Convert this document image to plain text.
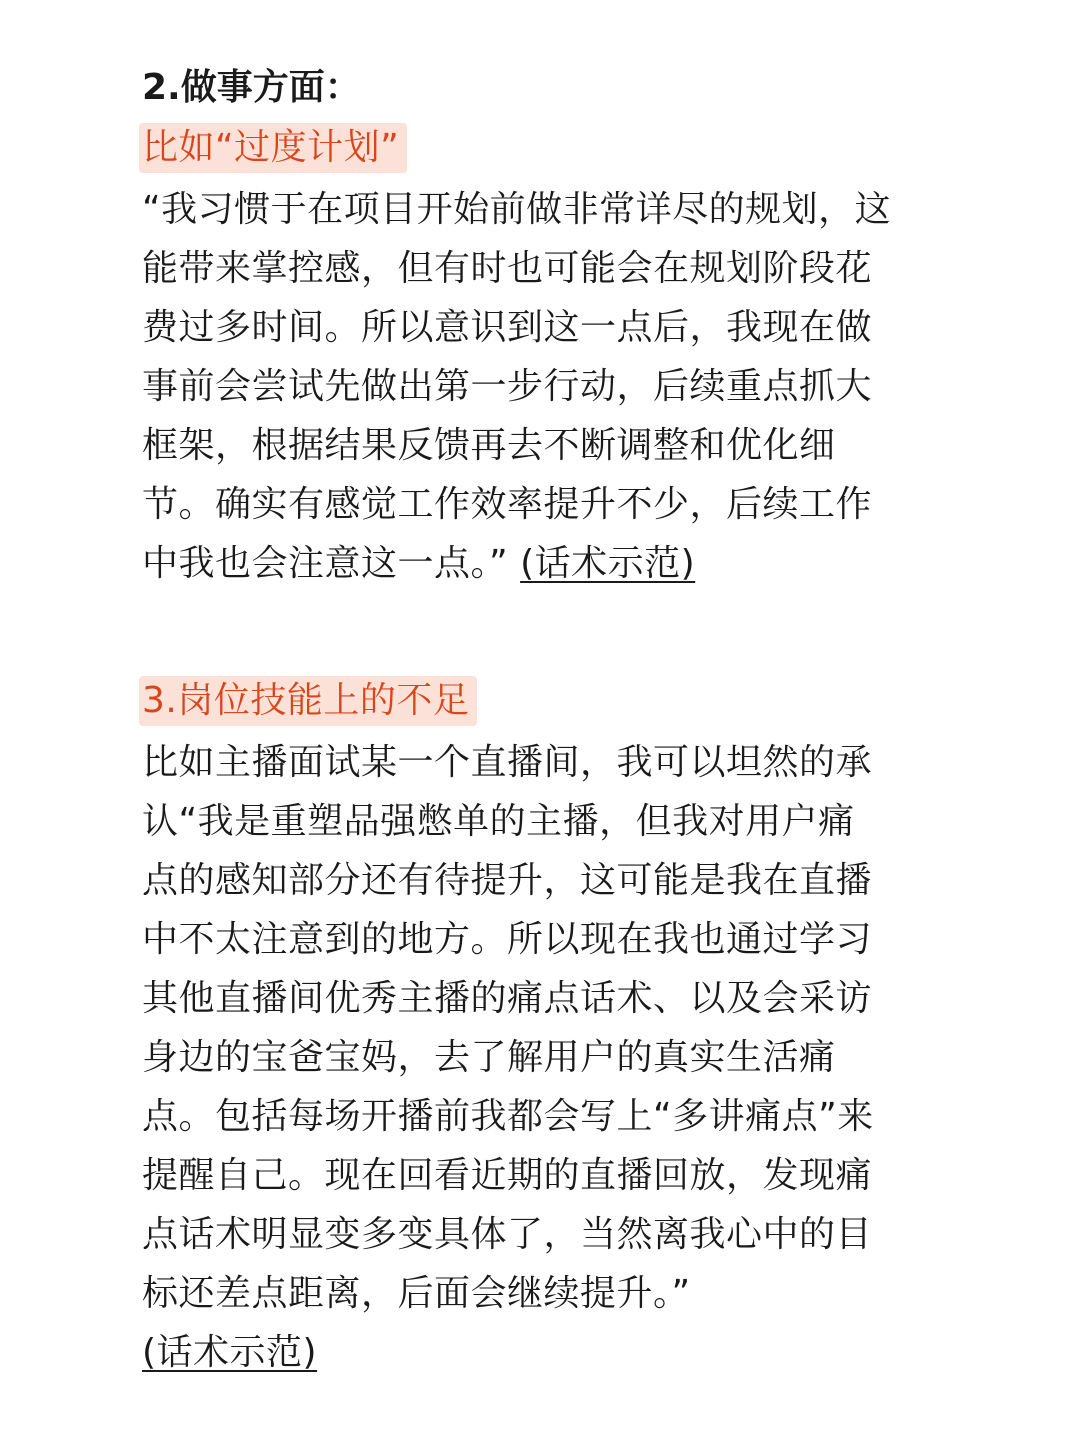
2.做事方面：
比如“过度计划”
“我习惯于在项目开始前做非常详尽的规划，这
能带来掌控感，但有时也可能会在规划阶段花
费过多时间。所以意识到这一点后，我现在做
事前会尝试先做出第一步行动，后续重点抓大
框架，根据结果反馈再去不断调整和优化细
节。确实有感觉工作效率提升不少，后续工作
中我也会注意这一点。” (话术示范)
3.岗位技能上的不足
比如主播面试某一个直播间，我可以坦然的承
认“我是重塑品强憋单的主播，但我对用户痛
点的感知部分还有待提升，这可能是我在直播
中不太注意到的地方。所以现在我也通过学习
其他直播间优秀主播的痛点话术、以及会采访
身边的宝爸宝妈，去了解用户的真实生活痛
点。包括每场开播前我都会写上“多讲痛点”来
提醒自己。现在回看近期的直播回放，发现痛
点话术明显变多变具体了，当然离我心中的目
标还差点距离，后面会继续提升。”
(话术示范)
